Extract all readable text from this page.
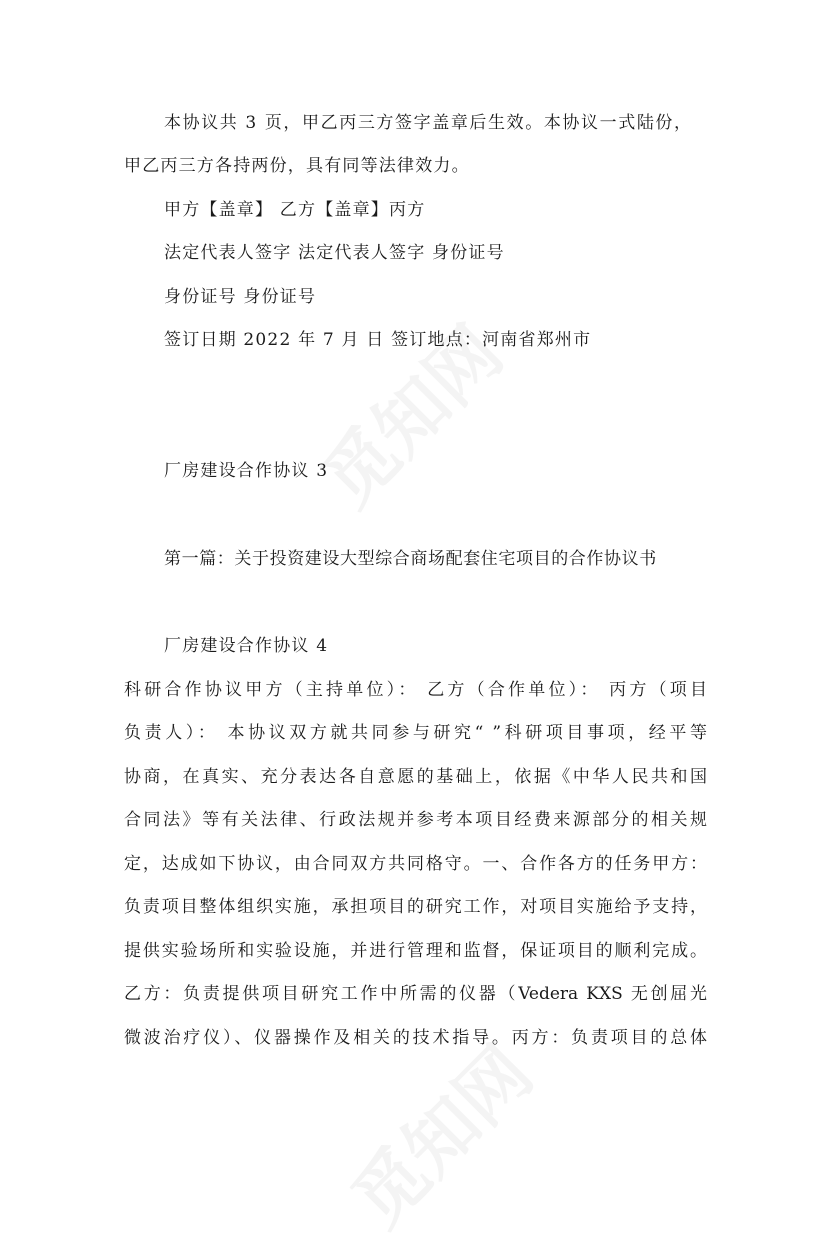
本协议共 3 页，甲乙丙三方签字盖章后生效。本协议一式陆份，
甲乙丙三方各持两份，具有同等法律效力。
甲方【盖章】 乙方【盖章】丙方
法定代表人签字 法定代表人签字 身份证号
身份证号 身份证号
签订日期 2022 年 7 月 日 签订地点：河南省郑州市
厂房建设合作协议 3
第一篇：关于投资建设大型综合商场配套住宅项目的合作协议书
厂房建设合作协议 4
科研合作协议甲方（主持单位）： 乙方（合作单位）： 丙方（项目
负责人）： 本协议双方就共同参与研究“ ”科研项目事项，经平等
协商，在真实、充分表达各自意愿的基础上，依据《中华人民共和国
合同法》等有关法律、行政法规并参考本项目经费来源部分的相关规
定，达成如下协议，由合同双方共同格守。一、合作各方的任务甲方：
负责项目整体组织实施，承担项目的研究工作，对项目实施给予支持，
提供实验场所和实验设施，并进行管理和监督，保证项目的顺利完成。
乙方：负责提供项目研究工作中所需的仪器（Vedera KXS 无创屈光
微波治疗仪）、仪器操作及相关的技术指导。丙方：负责项目的总体
